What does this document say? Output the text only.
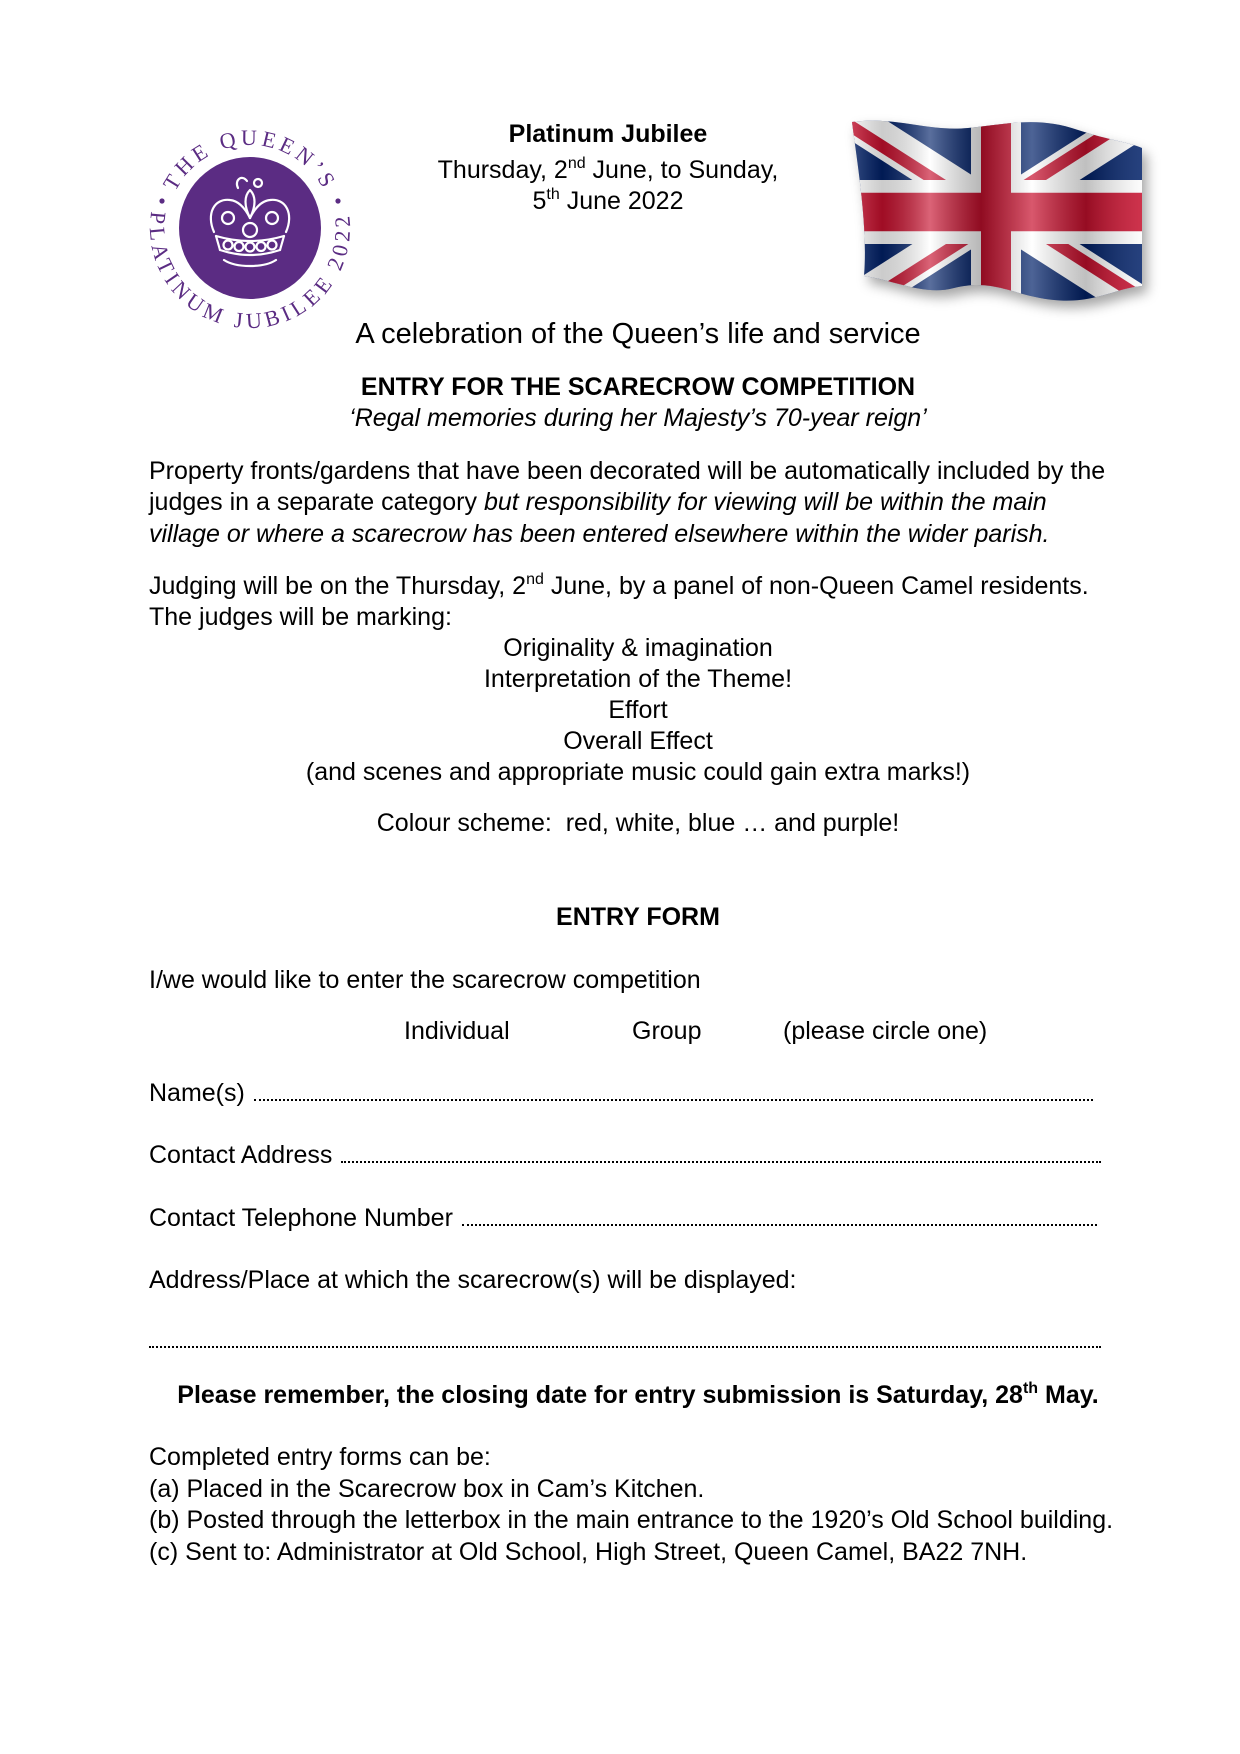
THE QUEEN’S
PLATINUM JUBILEE 2022
Platinum Jubilee
Thursday, 2nd June, to Sunday,
5th June 2022
A celebration of the Queen’s life and service
ENTRY FOR THE SCARECROW COMPETITION
‘Regal memories during her Majesty’s 70-year reign’
Property fronts/gardens that have been decorated will be automatically included by the
judges in a separate category but responsibility for viewing will be within the main
village or where a scarecrow has been entered elsewhere within the wider parish.
Judging will be on the Thursday, 2nd June, by a panel of non-Queen Camel residents.
The judges will be marking:
Originality & imagination
Interpretation of the Theme!
Effort
Overall Effect
(and scenes and appropriate music could gain extra marks!)
Colour scheme:  red, white, blue … and purple!
ENTRY FORM
I/we would like to enter the scarecrow competition
Individual	Group	(please circle one)
Name(s)
Contact Address
Contact Telephone Number
Address/Place at which the scarecrow(s) will be displayed:
Please remember, the closing date for entry submission is Saturday, 28th May.
Completed entry forms can be:
(a) Placed in the Scarecrow box in Cam’s Kitchen.
(b) Posted through the letterbox in the main entrance to the 1920’s Old School building.
(c) Sent to: Administrator at Old School, High Street, Queen Camel, BA22 7NH.
